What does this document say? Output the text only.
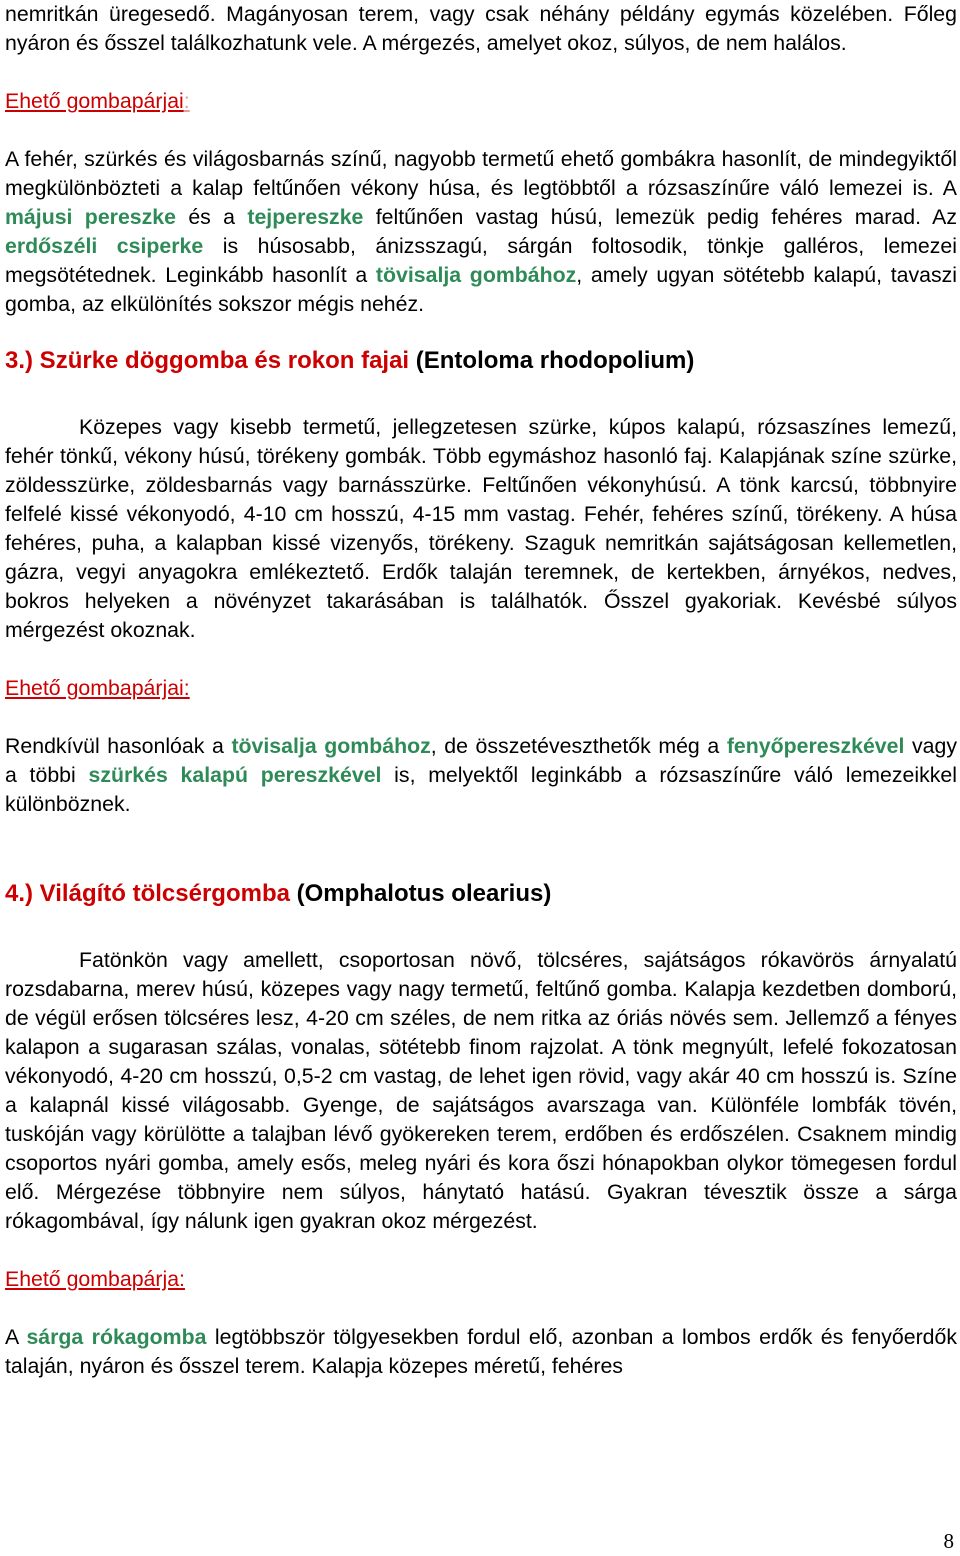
nemritkán üregesedő. Magányosan terem, vagy csak néhány példány egymás közelében. Főleg nyáron és ősszel találkozhatunk vele. A mérgezés, amelyet okoz, súlyos, de nem halálos.

Ehető gombapárjai:

A fehér, szürkés és világosbarnás színű, nagyobb termetű ehető gombákra hasonlít, de mindegyiktől megkülönbözteti a kalap feltűnően vékony húsa, és legtöbbtől a rózsaszínűre váló lemezei is. A májusi pereszke és a tejpereszke feltűnően vastag húsú, lemezük pedig fehéres marad. Az erdőszéli csiperke is húsosabb, ánizsszagú, sárgán foltosodik, tönkje galléros, lemezei megsötétednek. Leginkább hasonlít a tövisalja gombához, amely ugyan sötétebb kalapú, tavaszi gomba, az elkülönítés sokszor mégis nehéz.

3.) Szürke döggomba és rokon fajai (Entoloma rhodopolium)

Közepes vagy kisebb termetű, jellegzetesen szürke, kúpos kalapú, rózsaszínes lemezű, fehér tönkű, vékony húsú, törékeny gombák. Több egymáshoz hasonló faj. Kalapjának színe szürke, zöldesszürke, zöldesbarnás vagy barnásszürke. Feltűnően vékonyhúsú. A tönk karcsú, többnyire felfelé kissé vékonyodó, 4-10 cm hosszú, 4-15 mm vastag. Fehér, fehéres színű, törékeny. A húsa fehéres, puha, a kalapban kissé vizenyős, törékeny. Szaguk nemritkán sajátságosan kellemetlen, gázra, vegyi anyagokra emlékeztető. Erdők talaján teremnek, de kertekben, árnyékos, nedves, bokros helyeken a növényzet takarásában is találhatók. Ősszel gyakoriak. Kevésbé súlyos mérgezést okoznak.

Ehető gombapárjai:

Rendkívül hasonlóak a tövisalja gombához, de összetéveszthetők még a fenyőpereszkével vagy a többi szürkés kalapú pereszkével is, melyektől leginkább a rózsaszínűre váló lemezeikkel különböznek.

4.) Világító tölcsérgomba (Omphalotus olearius)

Fatönkön vagy amellett, csoportosan növő, tölcséres, sajátságos rókavörös árnyalatú rozsdabarna, merev húsú, közepes vagy nagy termetű, feltűnő gomba. Kalapja kezdetben domború, de végül erősen tölcséres lesz, 4-20 cm széles, de nem ritka az óriás növés sem. Jellemző a fényes kalapon a sugarasan szálas, vonalas, sötétebb finom rajzolat. A tönk megnyúlt, lefelé fokozatosan vékonyodó, 4-20 cm hosszú, 0,5-2 cm vastag, de lehet igen rövid, vagy akár 40 cm hosszú is. Színe a kalapnál kissé világosabb. Gyenge, de sajátságos avarszaga van. Különféle lombfák tövén, tuskóján vagy körülötte a talajban lévő gyökereken terem, erdőben és erdőszélen. Csaknem mindig csoportos nyári gomba, amely esős, meleg nyári és kora őszi hónapokban olykor tömegesen fordul elő. Mérgezése többnyire nem súlyos, hánytató hatású. Gyakran tévesztik össze a sárga rókagombával, így nálunk igen gyakran okoz mérgezést.

Ehető gombapárja:

A sárga rókagomba legtöbbször tölgyesekben fordul elő, azonban a lombos erdők és fenyőerdők talaján, nyáron és ősszel terem. Kalapja közepes méretű, fehéres

8
